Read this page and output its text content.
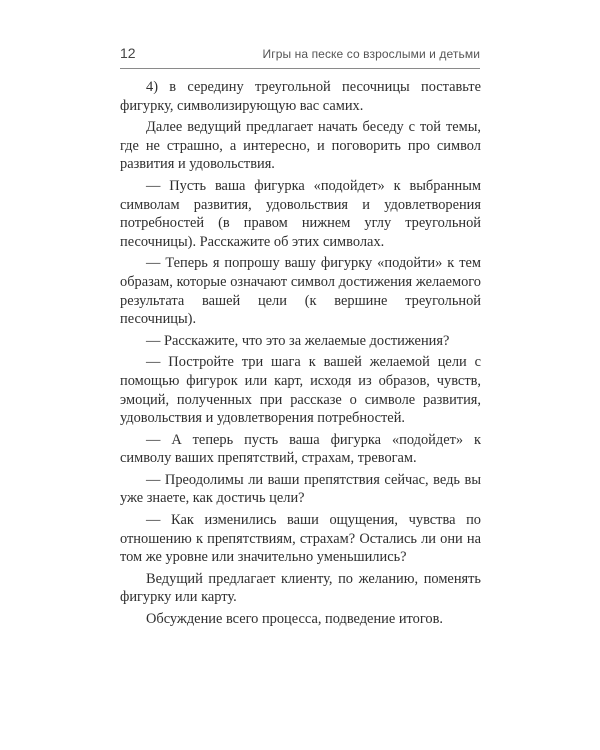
12	Игры на песке со взрослыми и детьми

4) в середину треугольной песочницы поставьте фигурку, символизирующую вас самих.

Далее ведущий предлагает начать беседу с той темы, где не страшно, а интересно, и поговорить про символ развития и удовольствия.

— Пусть ваша фигурка «подойдет» к выбранным символам развития, удовольствия и удовлетворения потребностей (в правом нижнем углу треугольной песочницы). Расскажите об этих символах.

— Теперь я попрошу вашу фигурку «подойти» к тем образам, которые означают символ достижения желаемого результата вашей цели (к вершине треугольной песочницы).

— Расскажите, что это за желаемые достижения?

— Постройте три шага к вашей желаемой цели с помощью фигурок или карт, исходя из образов, чувств, эмоций, полученных при рассказе о символе развития, удовольствия и удовлетворения потребностей.

— А теперь пусть ваша фигурка «подойдет» к символу ваших препятствий, страхам, тревогам.

— Преодолимы ли ваши препятствия сейчас, ведь вы уже знаете, как достичь цели?

— Как изменились ваши ощущения, чувства по отношению к препятствиям, страхам? Остались ли они на том же уровне или значительно уменьшились?

Ведущий предлагает клиенту, по желанию, поменять фигурку или карту.

Обсуждение всего процесса, подведение итогов.
